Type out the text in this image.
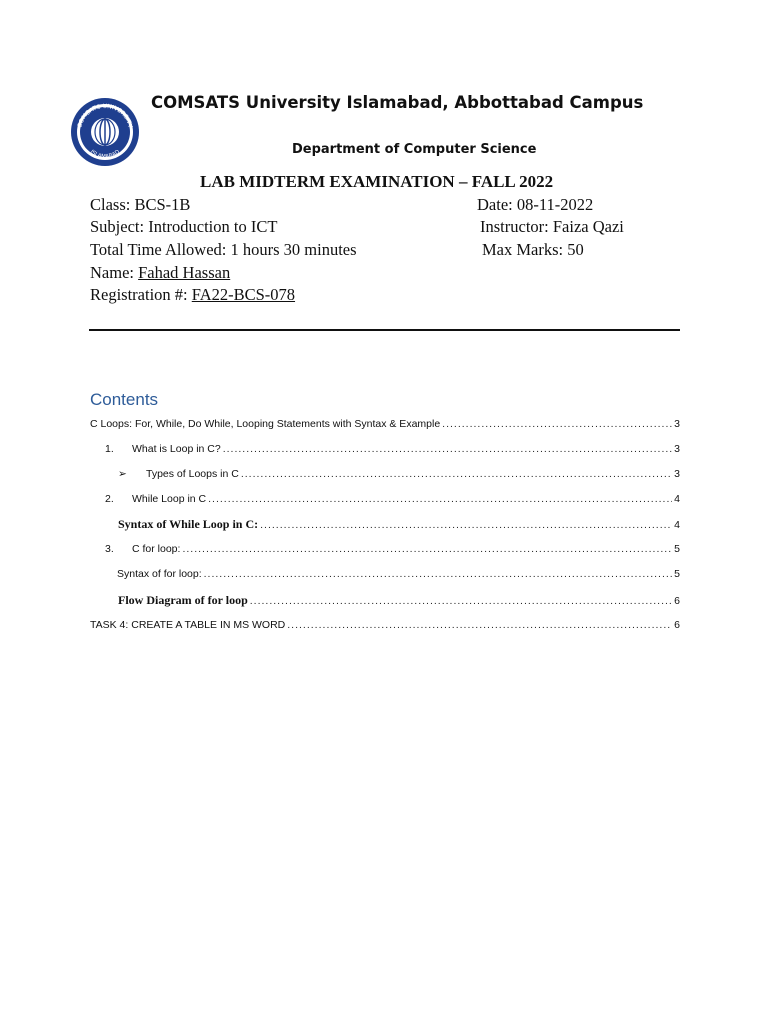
COMSATS UNIVERSITY
ISLAMABAD
COMSATS University Islamabad, Abbottabad Campus
Department of Computer Science
LAB MIDTERM EXAMINATION – FALL 2022
Class: BCS-1B	Date: 08-11-2022
Subject: Introduction to ICT	Instructor: Faiza Qazi
Total Time Allowed: 1 hours 30 minutes	Max Marks: 50
Name: Fahad Hassan
Registration #: FA22-BCS-078
Contents
C Loops: For, While, Do While, Looping Statements with Syntax & Example .....	3
1.	What is Loop in C? .....	3
➢	Types of Loops in C .....	3
2.	While Loop in C .....	4
Syntax of While Loop in C: .....	4
3.	C for loop: .....	5
Syntax of for loop: .....	5
Flow Diagram of for loop .....	6
TASK 4: CREATE A TABLE IN MS WORD .....	6
